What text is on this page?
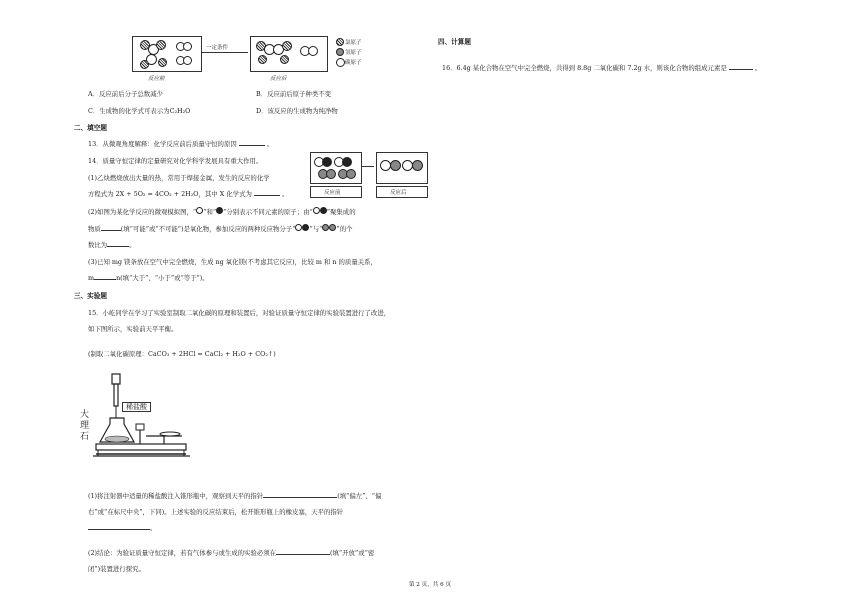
反应前
一定条件
反应后
氯原子
氢原子
碳原子
A．反应前后分子总数减少	B．反应前后原子种类不变
C．生成物的化学式可表示为C₂H₂O	D．该反应的生成物为纯净物
二、填空题
13．从微观角度解释：化学反应前后质量守恒的原因	。
14．质量守恒定律的定量研究对化学科学发展具有重大作用。
(1)乙炔燃烧放出大量的热，常用于焊接金属，发生的反应的化学
方程式为 2X + 5O₂ = 4CO₂ + 2H₂O，其中 X 化学式为	。	反应前	反应后
(2)如图为某化学反应的微观模拟图，“ ”和“ ”分别表示不同元素的原子；由“ ”聚集成的
物质	(填“可能”或“不可能”)是氧化物，参加反应的两种反应物分子“ ”与“ ”的个
数比为	。
(3)已知 mg 镁条放在空气中完全燃烧，生成 ng 氧化镁(不考虑其它反应)，比较 m 和 n 的质量关系，
m	n(填“大于”、“小于”或“等于”)。
三、实验题
15．小屹同学在学习了实验室制取二氧化碳的原理和装置后，对验证质量守恒定律的实验装置进行了改进，
如下图所示，实验前天平平衡。
(制取二氧化碳原理：CaCO₃ + 2HCl = CaCl₂ + H₂O + CO₂↑)
稀盐酸
大
理
石
(1)将注射器中适量的稀盐酸注入锥形瓶中，观察到天平的指针	(填“偏左”、“偏
右”或“在标尺中央”，下同)。上述实验的反应结束后，松开锥形瓶上的橡皮塞，天平的指针
。
(2)结论：为验证质量守恒定律，若有气体参与或生成的实验必须在	(填“开放”或“密
闭”)装置进行探究。
四、计算题
16．6.4g 某化合物在空气中完全燃烧，共得到 8.8g 二氧化碳和 7.2g 水，则该化合物的组成元素是	。
第 2 页，共 6 页
